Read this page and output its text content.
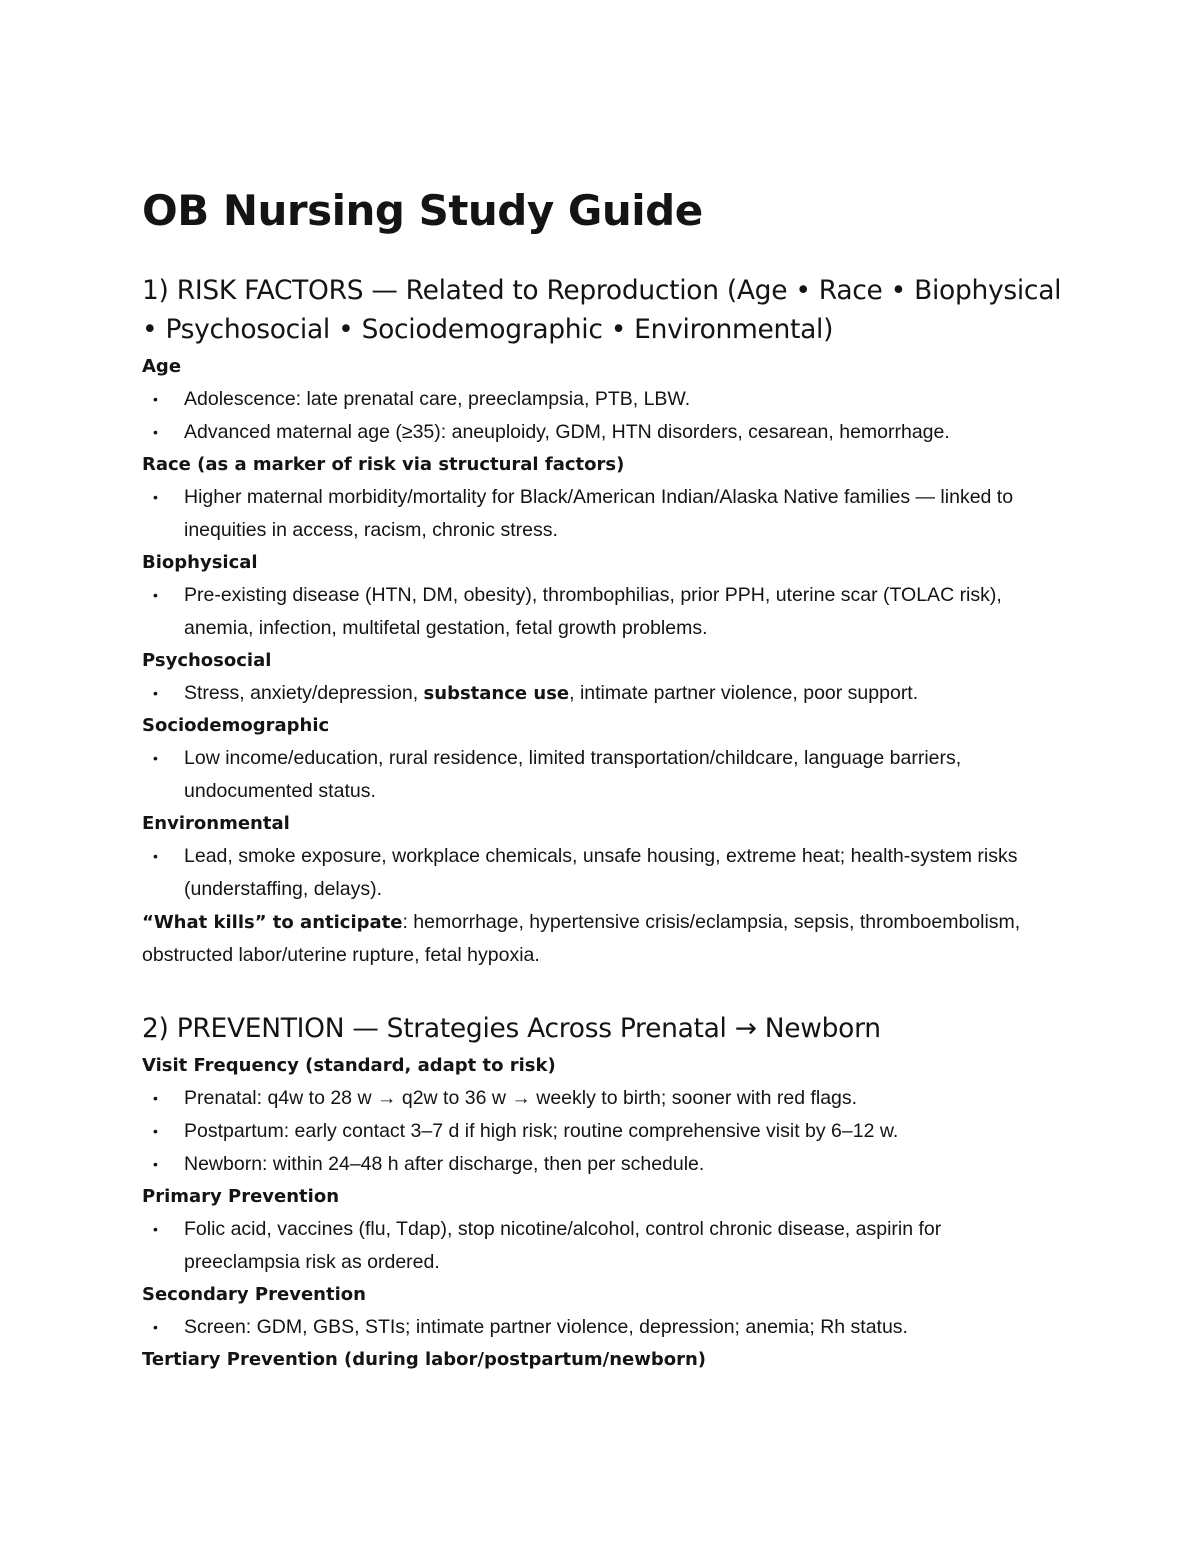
OB Nursing Study Guide
1) RISK FACTORS — Related to Reproduction (Age • Race • Biophysical • Psychosocial • Sociodemographic • Environmental)
Age
• Adolescence: late prenatal care, preeclampsia, PTB, LBW.
• Advanced maternal age (≥35): aneuploidy, GDM, HTN disorders, cesarean, hemorrhage.
Race (as a marker of risk via structural factors)
• Higher maternal morbidity/mortality for Black/American Indian/Alaska Native families — linked to inequities in access, racism, chronic stress.
Biophysical
• Pre-existing disease (HTN, DM, obesity), thrombophilias, prior PPH, uterine scar (TOLAC risk), anemia, infection, multifetal gestation, fetal growth problems.
Psychosocial
• Stress, anxiety/depression, substance use, intimate partner violence, poor support.
Sociodemographic
• Low income/education, rural residence, limited transportation/childcare, language barriers, undocumented status.
Environmental
• Lead, smoke exposure, workplace chemicals, unsafe housing, extreme heat; health-system risks (understaffing, delays).

“What kills” to anticipate: hemorrhage, hypertensive crisis/eclampsia, sepsis, thromboembolism, obstructed labor/uterine rupture, fetal hypoxia.

2) PREVENTION — Strategies Across Prenatal → Newborn
Visit Frequency (standard, adapt to risk)
• Prenatal: q4w to 28 w → q2w to 36 w → weekly to birth; sooner with red flags.
• Postpartum: early contact 3–7 d if high risk; routine comprehensive visit by 6–12 w.
• Newborn: within 24–48 h after discharge, then per schedule.
Primary Prevention
• Folic acid, vaccines (flu, Tdap), stop nicotine/alcohol, control chronic disease, aspirin for preeclampsia risk as ordered.
Secondary Prevention
• Screen: GDM, GBS, STIs; intimate partner violence, depression; anemia; Rh status.
Tertiary Prevention (during labor/postpartum/newborn)
